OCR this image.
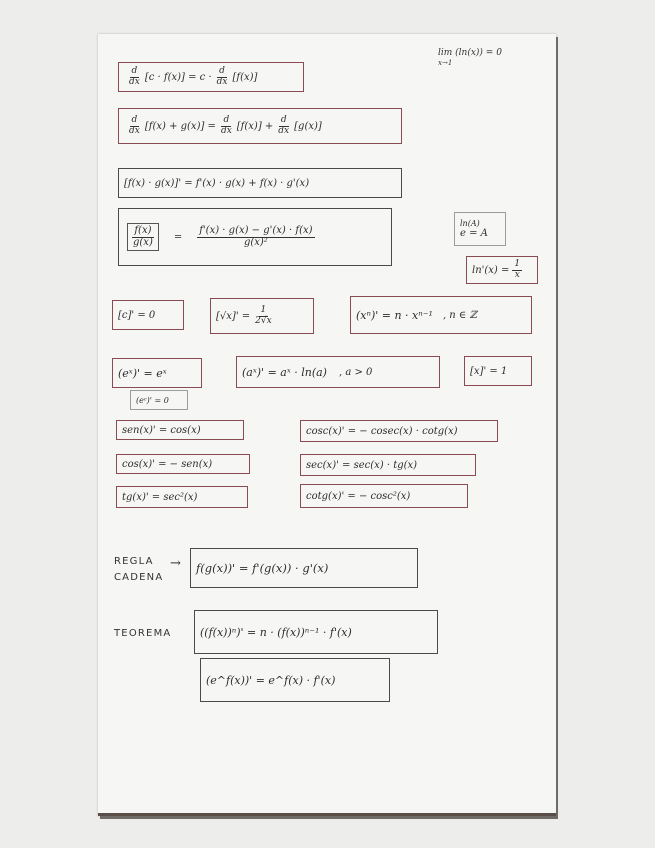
lim (ln(x)) = 0
x→1
$\frac{d}{dx} [c \cdot f(x)] = c \cdot \frac{d}{dx} [f(x)]$
$\frac{d}{dx} [f(x) + g(x)] = \frac{d}{dx} [f(x)] + \frac{d}{dx} [g(x)]$
[f(x) · g(x)]' = f'(x) · g(x) + f(x) · g'(x)
$\frac{f(x)}{g(x)} = \frac{f'(x) \cdot g(x) - g'(x) \cdot f(x)}{\text{g(x)²}}$
ln(A)
e = A
$\ln'(x) = \frac{1}{x}$
[c]' = 0	$[√x]' = \frac{1}{2√x}$	(xⁿ)' = n · xⁿ⁻¹ , n ∈ ℤ
(eˣ)' = eˣ
(eᶜ)' = 0
(aˣ)' = aˣ · ln(a) , a > 0	[x]' = 1
sen(x)' = cos(x)
cos(x)' = − sen(x)
tg(x)' = sec²(x)
cosc(x)' = − cosec(x) · cotg(x)
sec(x)' = sec(x) · tg(x)
cotg(x)' = − cosc²(x)
REGLA
CADENA
→ f(g(x))' = f'(g(x)) · g'(x)
TEOREMA	((f(x))ⁿ)' = n · (f(x))ⁿ⁻¹ · f'(x)
(e^f(x))' = e^f(x) · f'(x)
